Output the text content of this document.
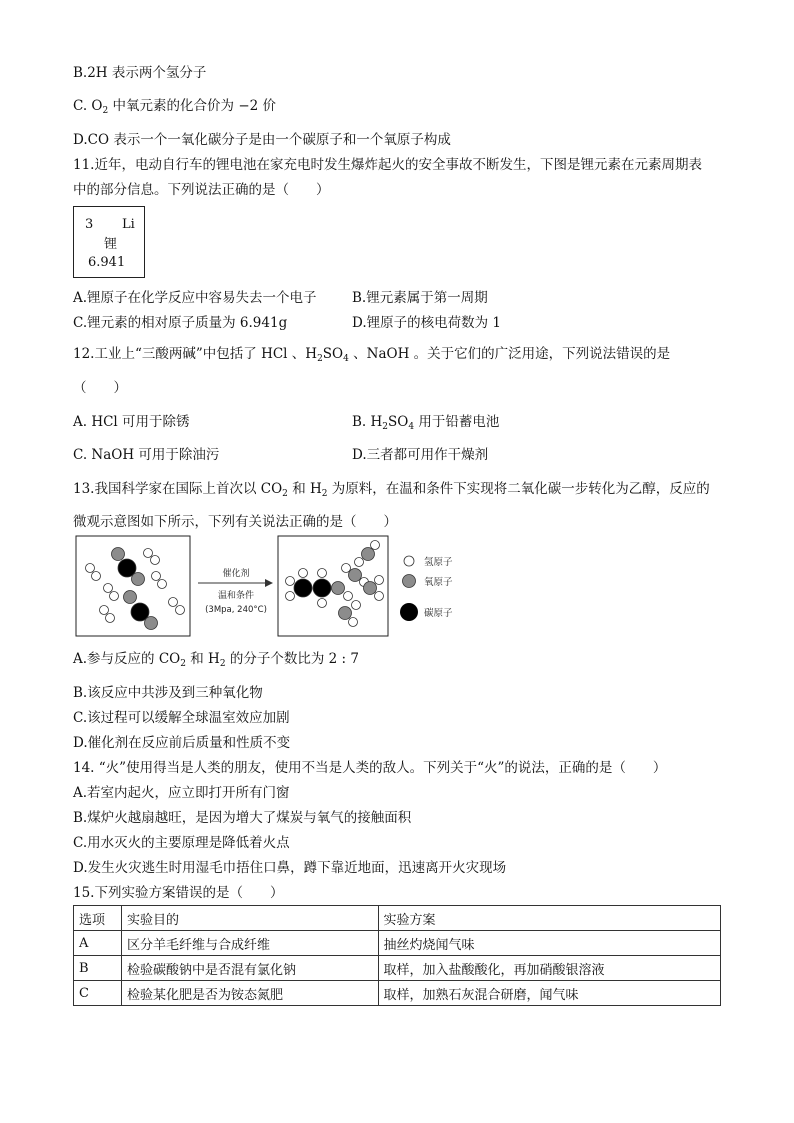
B.2H 表示两个氢分子
C. $O_2$ 中氧元素的化合价为 −2 价
D.CO 表示一个一氧化碳分子是由一个碳原子和一个氧原子构成
11.近年，电动自行车的锂电池在家充电时发生爆炸起火的安全事故不断发生，下图是锂元素在元素周期表
中的部分信息。下列说法正确的是（　　）
3 Li
锂
6.941
A.锂原子在化学反应中容易失去一个电子	B.锂元素属于第一周期
C.锂元素的相对原子质量为 6.941g	D.锂原子的核电荷数为 1
12.工业上“三酸两碱”中包括了 HCl 、$H_2SO_4$ 、NaOH 。关于它们的广泛用途，下列说法错误的是
（　　）
A. HCl 可用于除锈	B. $H_2SO_4$ 用于铅蓄电池
C. NaOH 可用于除油污	D.三者都可用作干燥剂
13.我国科学家在国际上首次以 $CO_2$ 和 $H_2$ 为原料，在温和条件下实现将二氧化碳一步转化为乙醇，反应的
微观示意图如下所示，下列有关说法正确的是（　　）
催化剂
温和条件
(3Mpa, 240°C)
氢原子
氧原子
碳原子
A.参与反应的 $CO_2$ 和 $H_2$ 的分子个数比为 2 : 7
B.该反应中共涉及到三种氧化物
C.该过程可以缓解全球温室效应加剧
D.催化剂在反应前后质量和性质不变
14. “火”使用得当是人类的朋友，使用不当是人类的敌人。下列关于“火”的说法，正确的是（　　）
A.若室内起火，应立即打开所有门窗
B.煤炉火越扇越旺，是因为增大了煤炭与氧气的接触面积
C.用水灭火的主要原理是降低着火点
D.发生火灾逃生时用湿毛巾捂住口鼻，蹲下靠近地面，迅速离开火灾现场
15.下列实验方案错误的是（　　）
选项	实验目的	实验方案
A	区分羊毛纤维与合成纤维	抽丝灼烧闻气味
B	检验碳酸钠中是否混有氯化钠	取样，加入盐酸酸化，再加硝酸银溶液
C	检验某化肥是否为铵态氮肥	取样，加熟石灰混合研磨，闻气味
